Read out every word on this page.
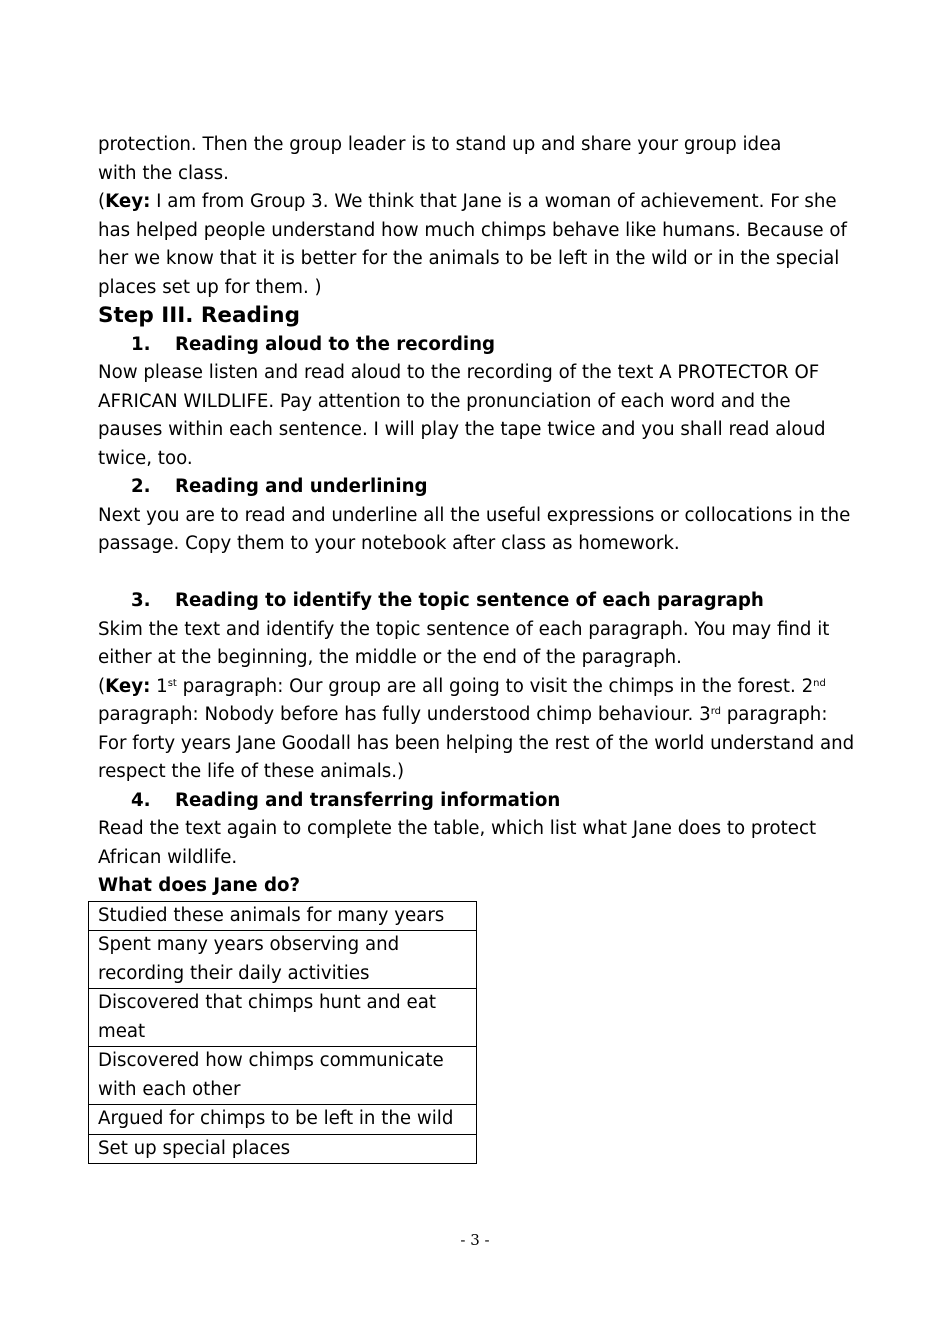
protection. Then the group leader is to stand up and share your group idea

with the class.

(Key: I am from Group 3. We think that Jane is a woman of achievement. For she has helped people understand how much chimps behave like humans. Because of her we know that it is better for the animals to be left in the wild or in the special places set up for them. )

Step III. Reading

1. Reading aloud to the recording

Now please listen and read aloud to the recording of the text A PROTECTOR OF AFRICAN WILDLIFE. Pay attention to the pronunciation of each word and the pauses within each sentence. I will play the tape twice and you shall read aloud twice, too.

2. Reading and underlining

Next you are to read and underline all the useful expressions or collocations in the passage. Copy them to your notebook after class as homework.

3. Reading to identify the topic sentence of each paragraph

Skim the text and identify the topic sentence of each paragraph. You may find it either at the beginning, the middle or the end of the paragraph.

(Key: 1st paragraph: Our group are all going to visit the chimps in the forest. 2nd paragraph: Nobody before has fully understood chimp behaviour. 3rd paragraph: For forty years Jane Goodall has been helping the rest of the world understand and respect the life of these animals.)

4. Reading and transferring information

Read the text again to complete the table, which list what Jane does to protect African wildlife.

What does Jane do?

Studied these animals for many years
Spent many years observing and recording their daily activities
Discovered that chimps hunt and eat meat
Discovered how chimps communicate with each other
Argued for chimps to be left in the wild
Set up special places
- 3 -
